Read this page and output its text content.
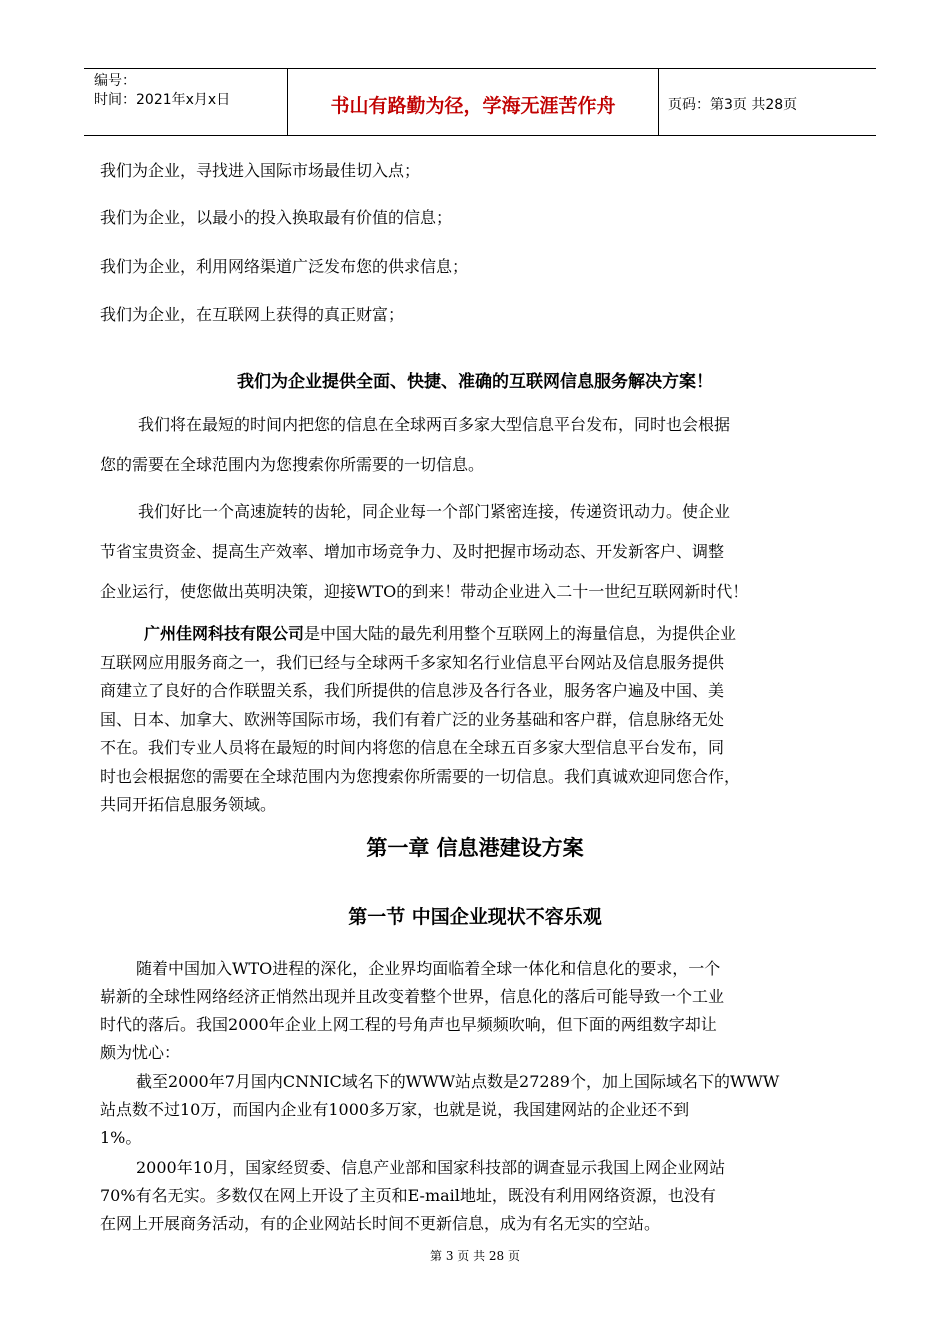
编号：
时间：2021年x月x日	书山有路勤为径，学海无涯苦作舟	页码：第3页 共28页
我们为企业，寻找进入国际市场最佳切入点；
我们为企业，以最小的投入换取最有价值的信息；
我们为企业，利用网络渠道广泛发布您的供求信息；
我们为企业，在互联网上获得的真正财富；
我们为企业提供全面、快捷、准确的互联网信息服务解决方案！
我们将在最短的时间内把您的信息在全球两百多家大型信息平台发布，同时也会根据
您的需要在全球范围内为您搜索你所需要的一切信息。
我们好比一个高速旋转的齿轮，同企业每一个部门紧密连接，传递资讯动力。使企业
节省宝贵资金、提高生产效率、增加市场竞争力、及时把握市场动态、开发新客户、调整
企业运行，使您做出英明决策，迎接WTO的到来！带动企业进入二十一世纪互联网新时代！
广州佳网科技有限公司是中国大陆的最先利用整个互联网上的海量信息，为提供企业
互联网应用服务商之一，我们已经与全球两千多家知名行业信息平台网站及信息服务提供
商建立了良好的合作联盟关系，我们所提供的信息涉及各行各业，服务客户遍及中国、美
国、日本、加拿大、欧洲等国际市场，我们有着广泛的业务基础和客户群，信息脉络无处
不在。我们专业人员将在最短的时间内将您的信息在全球五百多家大型信息平台发布，同
时也会根据您的需要在全球范围内为您搜索你所需要的一切信息。我们真诚欢迎同您合作，
共同开拓信息服务领域。
第一章 信息港建设方案
第一节 中国企业现状不容乐观
随着中国加入WTO进程的深化，企业界均面临着全球一体化和信息化的要求，一个
崭新的全球性网络经济正悄然出现并且改变着整个世界，信息化的落后可能导致一个工业
时代的落后。我国2000年企业上网工程的号角声也早频频吹响，但下面的两组数字却让
颇为忧心：
截至2000年7月国内CNNIC域名下的WWW站点数是27289个，加上国际域名下的WWW
站点数不过10万，而国内企业有1000多万家，也就是说，我国建网站的企业还不到
1%。
2000年10月，国家经贸委、信息产业部和国家科技部的调查显示我国上网企业网站
70%有名无实。多数仅在网上开设了主页和E-mail地址，既没有利用网络资源，也没有
在网上开展商务活动，有的企业网站长时间不更新信息，成为有名无实的空站。
第 3 页 共 28 页
